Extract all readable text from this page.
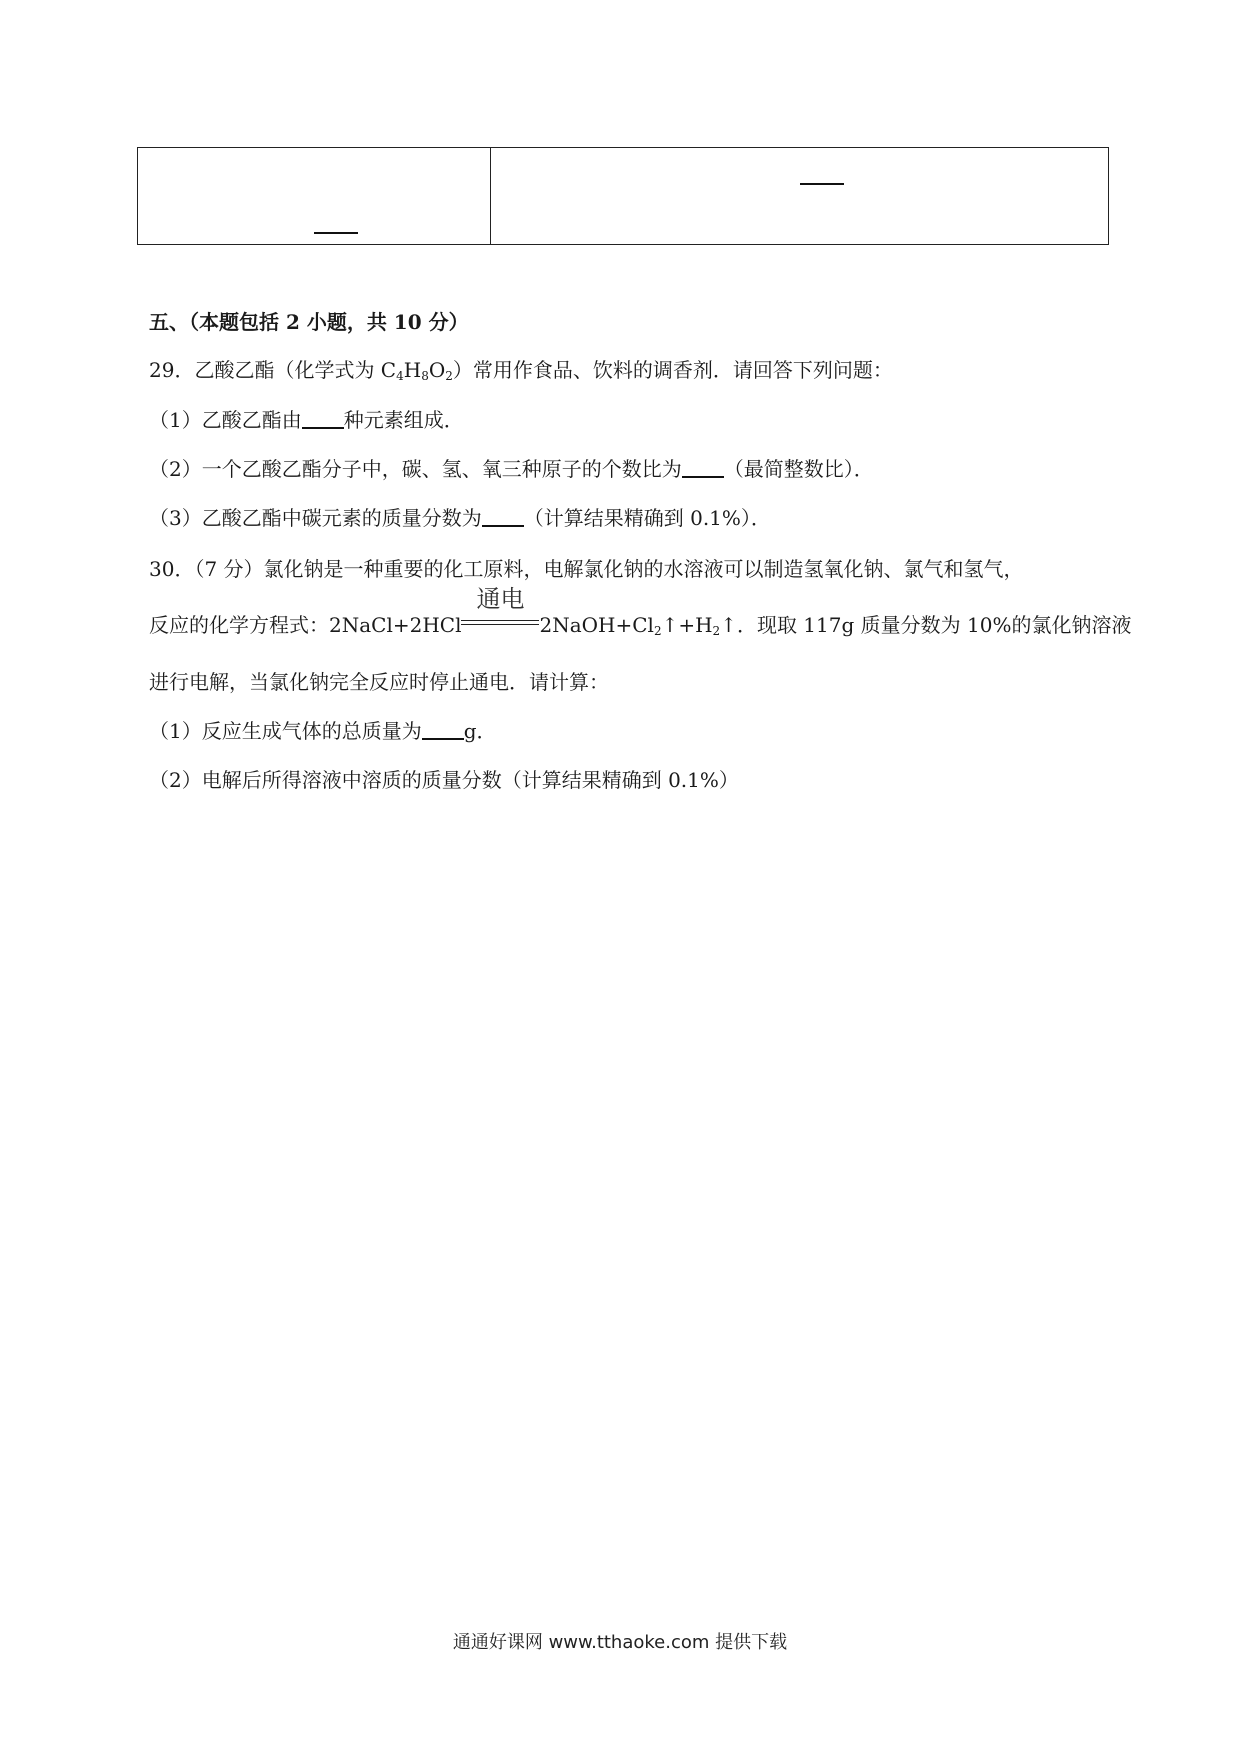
五、（本题包括 2 小题，共 10 分）
29．乙酸乙酯（化学式为 $C_4H_8O_2$）常用作食品、饮料的调香剂．请回答下列问题：
（1）乙酸乙酯由 种元素组成．
（2）一个乙酸乙酯分子中，碳、氢、氧三种原子的个数比为 （最简整数比）．
（3）乙酸乙酯中碳元素的质量分数为 （计算结果精确到 0.1%）．
30．（7 分）氯化钠是一种重要的化工原料，电解氯化钠的水溶液可以制造氢氧化钠、氯气和氢气，
反应的化学方程式：2NaCl+2HCl
通电
$2NaOH+Cl_2↑+H_2↑$．现取 117g 质量分数为 10%的氯化钠溶液
进行电解，当氯化钠完全反应时停止通电．请计算：
（1）反应生成气体的总质量为 g．
（2）电解后所得溶液中溶质的质量分数（计算结果精确到 0.1%）
通通好课网 www.tthaoke.com 提供下载
